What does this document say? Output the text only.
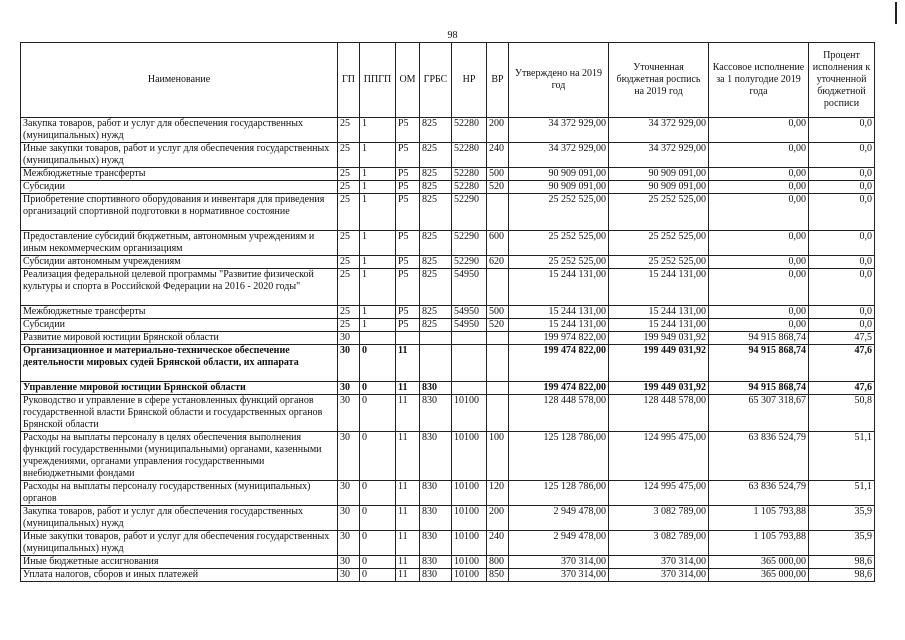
98
Наименование	ГП	ППГП	ОМ	ГРБС	НР	ВР	Утверждено на 2019 год	Уточненная бюджетная роспись на 2019 год	Кассовое исполнение за 1 полугодие 2019 года	Процент исполнения к уточненной бюджетной росписи
Закупка товаров, работ и услуг для обеспечения государственных (муниципальных) нужд	25	1	P5	825	52280	200	34 372 929,00	34 372 929,00	0,00	0,0
Иные закупки товаров, работ и услуг для обеспечения государственных (муниципальных) нужд	25	1	P5	825	52280	240	34 372 929,00	34 372 929,00	0,00	0,0
Межбюджетные трансферты	25	1	P5	825	52280	500	90 909 091,00	90 909 091,00	0,00	0,0
Субсидии	25	1	P5	825	52280	520	90 909 091,00	90 909 091,00	0,00	0,0
Приобретение спортивного оборудования и инвентаря для приведения организаций спортивной подготовки в нормативное состояние	25	1	P5	825	52290		25 252 525,00	25 252 525,00	0,00	0,0
Предоставление субсидий бюджетным, автономным учреждениям и иным некоммерческим организациям	25	1	P5	825	52290	600	25 252 525,00	25 252 525,00	0,00	0,0
Субсидии автономным учреждениям	25	1	P5	825	52290	620	25 252 525,00	25 252 525,00	0,00	0,0
Реализация федеральной целевой программы "Развитие физической культуры и спорта в Российской Федерации на 2016 - 2020 годы"	25	1	P5	825	54950		15 244 131,00	15 244 131,00	0,00	0,0
Межбюджетные трансферты	25	1	P5	825	54950	500	15 244 131,00	15 244 131,00	0,00	0,0
Субсидии	25	1	P5	825	54950	520	15 244 131,00	15 244 131,00	0,00	0,0
Развитие мировой юстиции Брянской области	30						199 974 822,00	199 949 031,92	94 915 868,74	47,5
Организационное и материально-техническое обеспечение деятельности мировых судей Брянской области, их аппарата	30	0	11				199 474 822,00	199 449 031,92	94 915 868,74	47,6
Управление мировой юстиции Брянской области	30	0	11	830			199 474 822,00	199 449 031,92	94 915 868,74	47,6
Руководство и управление в сфере установленных функций органов государственной власти Брянской области и государственных органов Брянской области	30	0	11	830	10100		128 448 578,00	128 448 578,00	65 307 318,67	50,8
Расходы на выплаты персоналу в целях обеспечения выполнения функций государственными (муниципальными) органами, казенными учреждениями, органами управления государственными внебюджетными фондами	30	0	11	830	10100	100	125 128 786,00	124 995 475,00	63 836 524,79	51,1
Расходы на выплаты персоналу государственных (муниципальных) органов	30	0	11	830	10100	120	125 128 786,00	124 995 475,00	63 836 524,79	51,1
Закупка товаров, работ и услуг для обеспечения государственных (муниципальных) нужд	30	0	11	830	10100	200	2 949 478,00	3 082 789,00	1 105 793,88	35,9
Иные закупки товаров, работ и услуг для обеспечения государственных (муниципальных) нужд	30	0	11	830	10100	240	2 949 478,00	3 082 789,00	1 105 793,88	35,9
Иные бюджетные ассигнования	30	0	11	830	10100	800	370 314,00	370 314,00	365 000,00	98,6
Уплата налогов, сборов и иных платежей	30	0	11	830	10100	850	370 314,00	370 314,00	365 000,00	98,6
